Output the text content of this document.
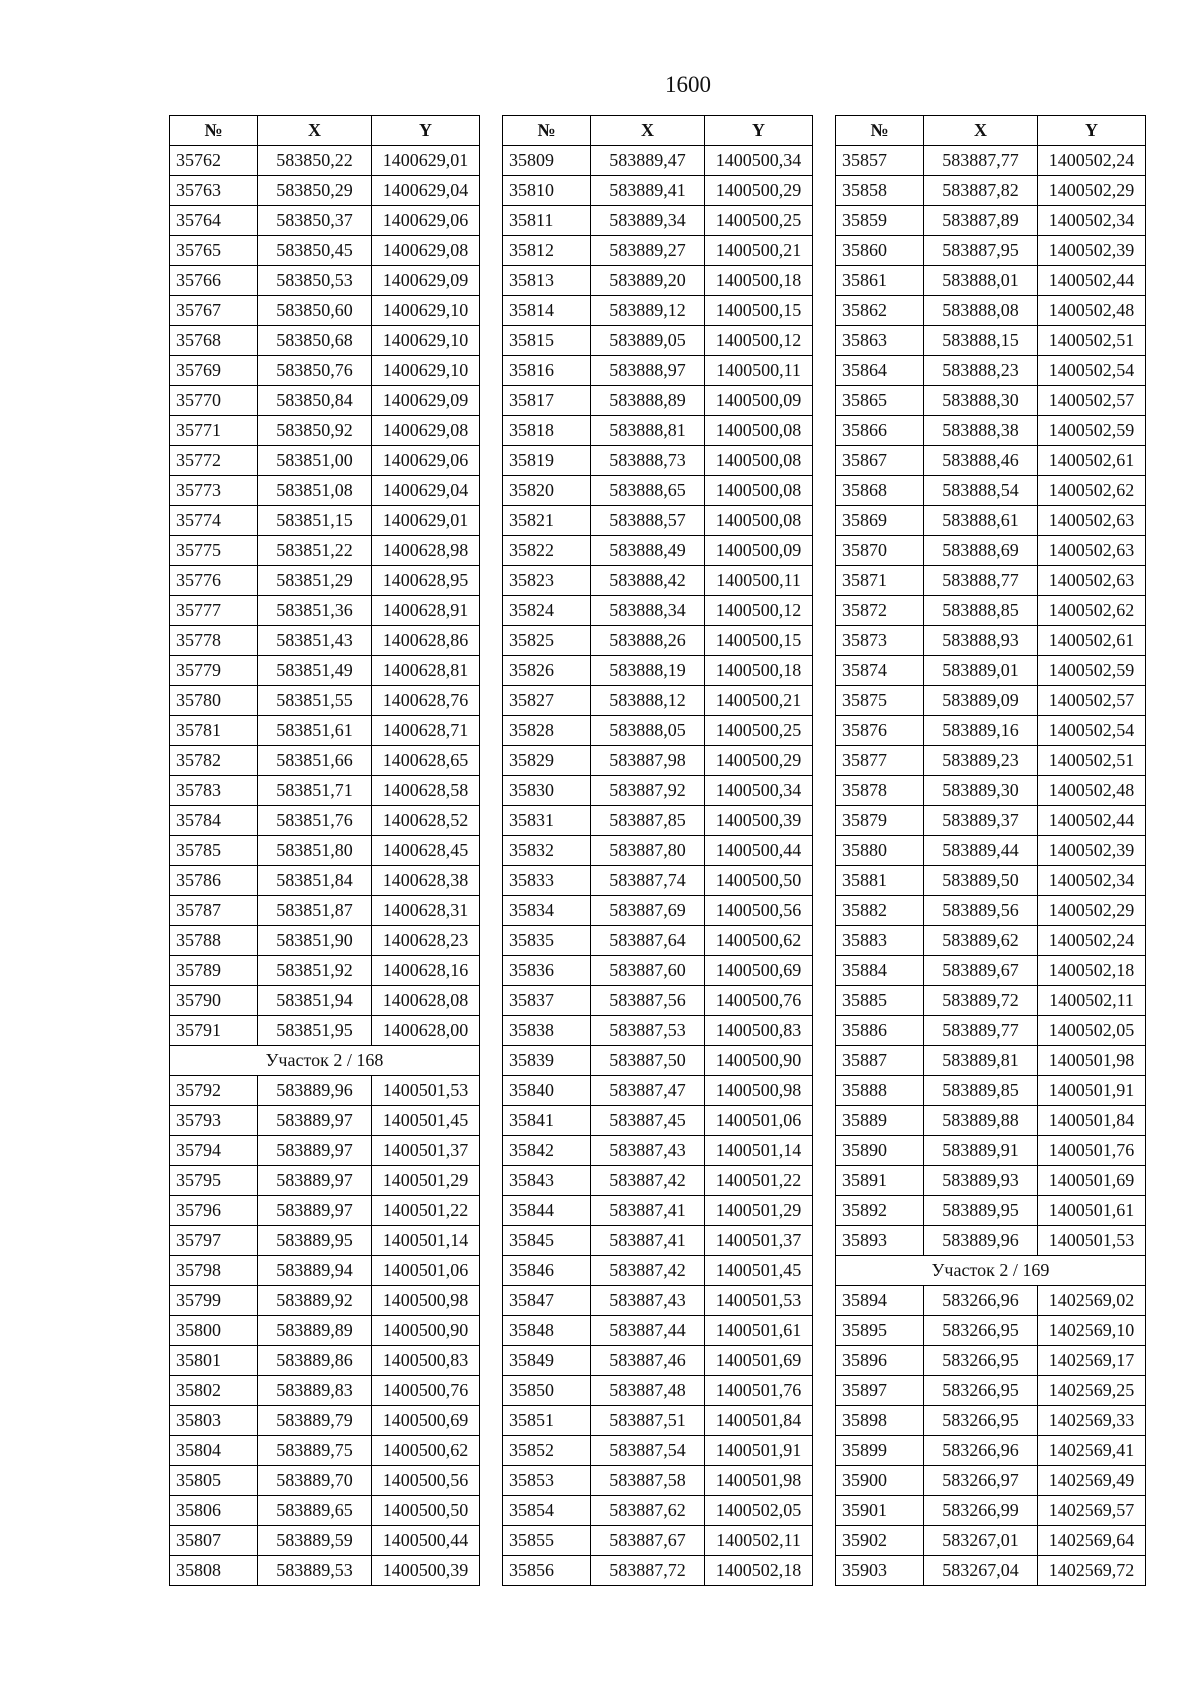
1600
№	X	Y
35762	583850,22	1400629,01
35763	583850,29	1400629,04
35764	583850,37	1400629,06
35765	583850,45	1400629,08
35766	583850,53	1400629,09
35767	583850,60	1400629,10
35768	583850,68	1400629,10
35769	583850,76	1400629,10
35770	583850,84	1400629,09
35771	583850,92	1400629,08
35772	583851,00	1400629,06
35773	583851,08	1400629,04
35774	583851,15	1400629,01
35775	583851,22	1400628,98
35776	583851,29	1400628,95
35777	583851,36	1400628,91
35778	583851,43	1400628,86
35779	583851,49	1400628,81
35780	583851,55	1400628,76
35781	583851,61	1400628,71
35782	583851,66	1400628,65
35783	583851,71	1400628,58
35784	583851,76	1400628,52
35785	583851,80	1400628,45
35786	583851,84	1400628,38
35787	583851,87	1400628,31
35788	583851,90	1400628,23
35789	583851,92	1400628,16
35790	583851,94	1400628,08
35791	583851,95	1400628,00
Участок 2 / 168		
35792	583889,96	1400501,53
35793	583889,97	1400501,45
35794	583889,97	1400501,37
35795	583889,97	1400501,29
35796	583889,97	1400501,22
35797	583889,95	1400501,14
35798	583889,94	1400501,06
35799	583889,92	1400500,98
35800	583889,89	1400500,90
35801	583889,86	1400500,83
35802	583889,83	1400500,76
35803	583889,79	1400500,69
35804	583889,75	1400500,62
35805	583889,70	1400500,56
35806	583889,65	1400500,50
35807	583889,59	1400500,44
35808	583889,53	1400500,39
№	X	Y
35809	583889,47	1400500,34
35810	583889,41	1400500,29
35811	583889,34	1400500,25
35812	583889,27	1400500,21
35813	583889,20	1400500,18
35814	583889,12	1400500,15
35815	583889,05	1400500,12
35816	583888,97	1400500,11
35817	583888,89	1400500,09
35818	583888,81	1400500,08
35819	583888,73	1400500,08
35820	583888,65	1400500,08
35821	583888,57	1400500,08
35822	583888,49	1400500,09
35823	583888,42	1400500,11
35824	583888,34	1400500,12
35825	583888,26	1400500,15
35826	583888,19	1400500,18
35827	583888,12	1400500,21
35828	583888,05	1400500,25
35829	583887,98	1400500,29
35830	583887,92	1400500,34
35831	583887,85	1400500,39
35832	583887,80	1400500,44
35833	583887,74	1400500,50
35834	583887,69	1400500,56
35835	583887,64	1400500,62
35836	583887,60	1400500,69
35837	583887,56	1400500,76
35838	583887,53	1400500,83
35839	583887,50	1400500,90
35840	583887,47	1400500,98
35841	583887,45	1400501,06
35842	583887,43	1400501,14
35843	583887,42	1400501,22
35844	583887,41	1400501,29
35845	583887,41	1400501,37
35846	583887,42	1400501,45
35847	583887,43	1400501,53
35848	583887,44	1400501,61
35849	583887,46	1400501,69
35850	583887,48	1400501,76
35851	583887,51	1400501,84
35852	583887,54	1400501,91
35853	583887,58	1400501,98
35854	583887,62	1400502,05
35855	583887,67	1400502,11
35856	583887,72	1400502,18
№	X	Y
35857	583887,77	1400502,24
35858	583887,82	1400502,29
35859	583887,89	1400502,34
35860	583887,95	1400502,39
35861	583888,01	1400502,44
35862	583888,08	1400502,48
35863	583888,15	1400502,51
35864	583888,23	1400502,54
35865	583888,30	1400502,57
35866	583888,38	1400502,59
35867	583888,46	1400502,61
35868	583888,54	1400502,62
35869	583888,61	1400502,63
35870	583888,69	1400502,63
35871	583888,77	1400502,63
35872	583888,85	1400502,62
35873	583888,93	1400502,61
35874	583889,01	1400502,59
35875	583889,09	1400502,57
35876	583889,16	1400502,54
35877	583889,23	1400502,51
35878	583889,30	1400502,48
35879	583889,37	1400502,44
35880	583889,44	1400502,39
35881	583889,50	1400502,34
35882	583889,56	1400502,29
35883	583889,62	1400502,24
35884	583889,67	1400502,18
35885	583889,72	1400502,11
35886	583889,77	1400502,05
35887	583889,81	1400501,98
35888	583889,85	1400501,91
35889	583889,88	1400501,84
35890	583889,91	1400501,76
35891	583889,93	1400501,69
35892	583889,95	1400501,61
35893	583889,96	1400501,53
Участок 2 / 169		
35894	583266,96	1402569,02
35895	583266,95	1402569,10
35896	583266,95	1402569,17
35897	583266,95	1402569,25
35898	583266,95	1402569,33
35899	583266,96	1402569,41
35900	583266,97	1402569,49
35901	583266,99	1402569,57
35902	583267,01	1402569,64
35903	583267,04	1402569,72
